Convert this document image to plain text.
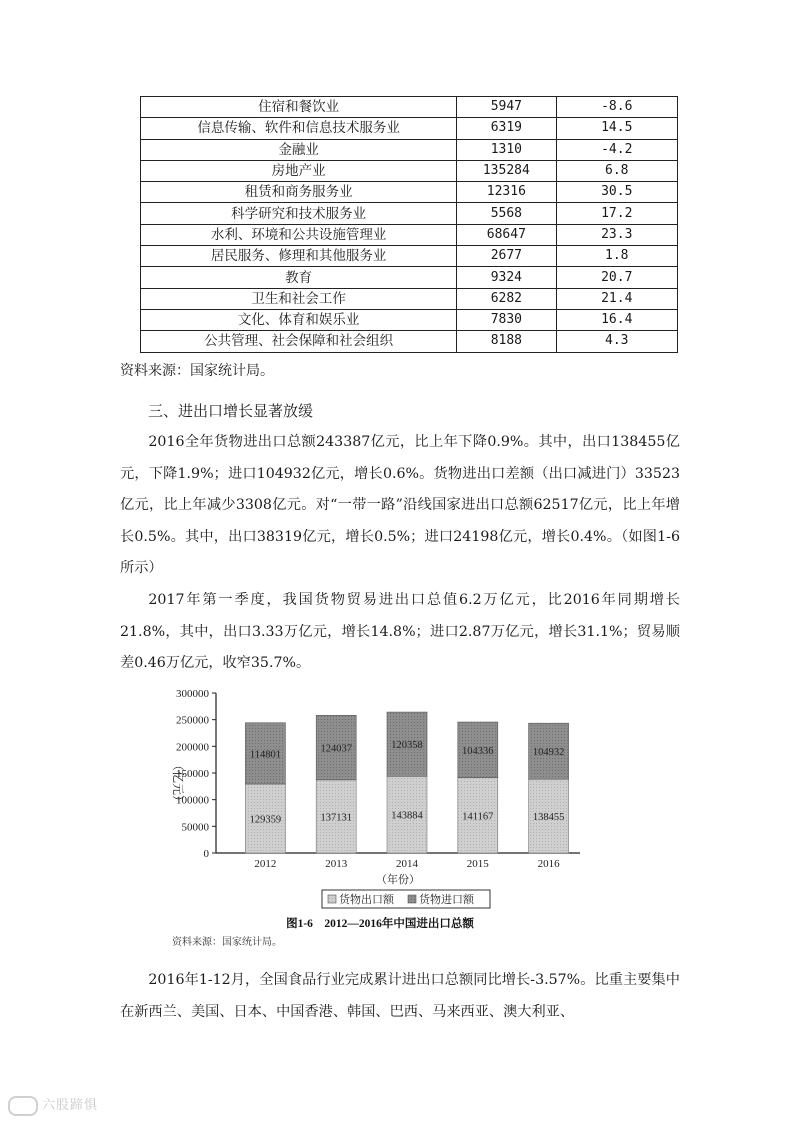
住宿和餐饮业	5947	-8.6
信息传输、软件和信息技术服务业	6319	14.5
金融业	1310	-4.2
房地产业	135284	6.8
租赁和商务服务业	12316	30.5
科学研究和技术服务业	5568	17.2
水利、环境和公共设施管理业	68647	23.3
居民服务、修理和其他服务业	2677	1.8
教育	9324	20.7
卫生和社会工作	6282	21.4
文化、体育和娱乐业	7830	16.4
公共管理、社会保障和社会组织	8188	4.3
资料来源：国家统计局。
三、进出口增长显著放缓

2016全年货物进出口总额243387亿元，比上年下降0.9%。其中，出口138455亿元，下降1.9%；进口104932亿元，增长0.6%。货物进出口差额（出口减进门）33523亿元，比上年减少3308亿元。对“一带一路”沿线国家进出口总额62517亿元，比上年增长0.5%。其中，出口38319亿元，增长0.5%；进口24198亿元，增长0.4%。（如图1-6所示）

2017年第一季度，我国货物贸易进出口总值6.2万亿元，比2016年同期增长21.8%，其中，出口3.33万亿元，增长14.8%；进口2.87万亿元，增长31.1%；贸易顺差0.46万亿元，收窄35.7%。

0
50000
100000
150000
200000
250000
300000
（亿元）
129359
114801
2012
137131
124037
2013
143884
120358
2014
141167
104336
2015
138455
104932
2016
（年份）
货物出口额 货物进口额
图1-6　2012—2016年中国进出口总额
资料来源：国家统计局。

2016年1-12月，全国食品行业完成累计进出口总额同比增长-3.57%。比重主要集中在新西兰、美国、日本、中国香港、韩国、巴西、马来西亚、澳大利亚、

六股蹄惧
